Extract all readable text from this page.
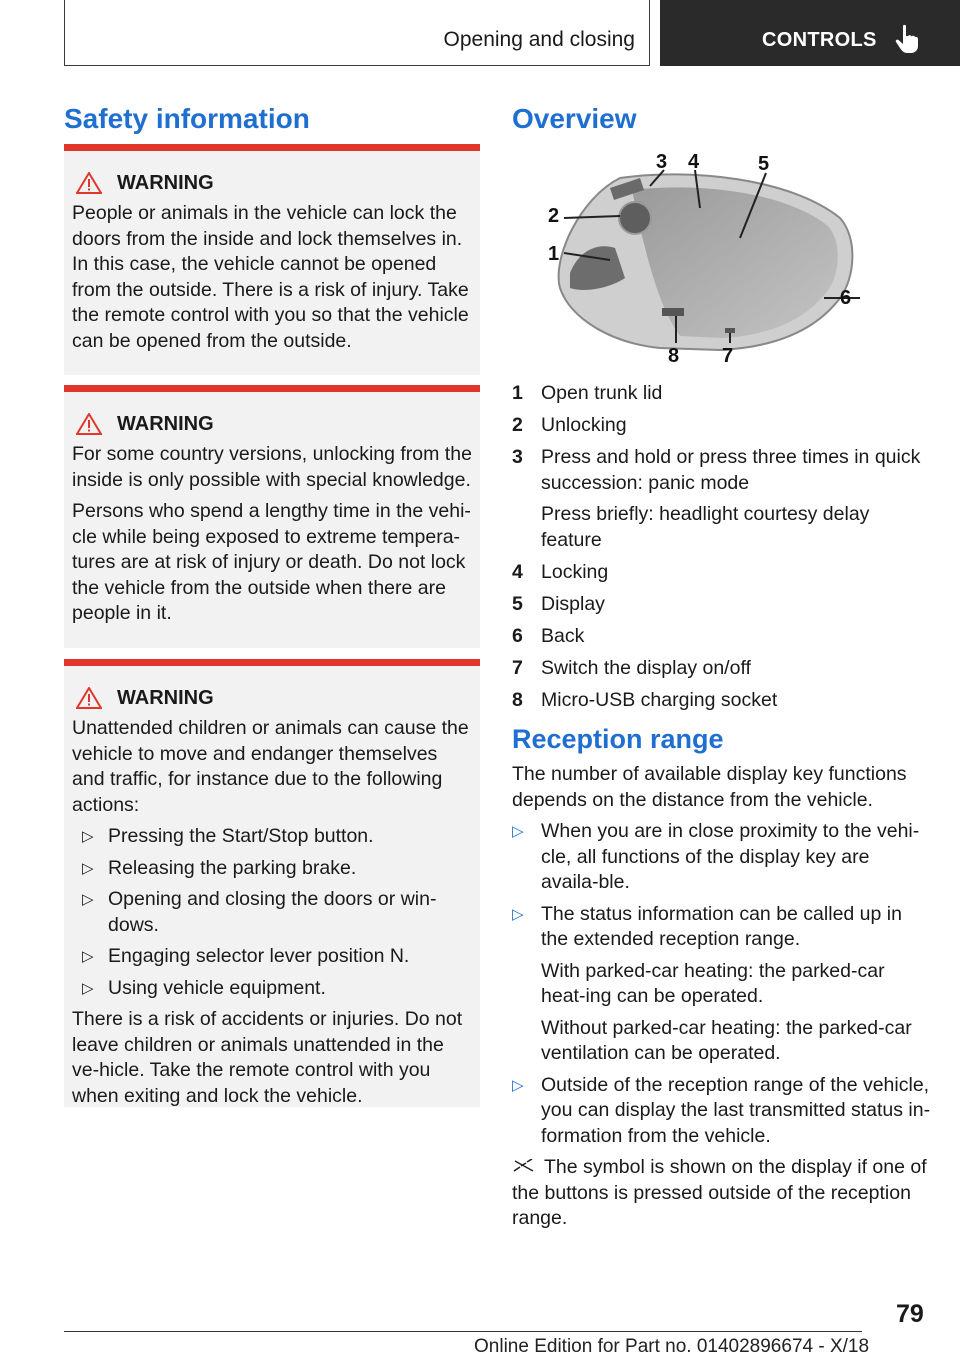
Opening and closing	CONTROLS
Safety information
WARNING

People or animals in the vehicle can lock the doors from the inside and lock themselves in. In this case, the vehicle cannot be opened from the outside. There is a risk of injury. Take the remote control with you so that the vehicle can be opened from the outside.

WARNING

For some country versions, unlocking from the inside is only possible with special knowledge.

Persons who spend a lengthy time in the vehi-cle while being exposed to extreme tempera-tures are at risk of injury or death. Do not lock the vehicle from the outside when there are people in it.

WARNING

Unattended children or animals can cause the vehicle to move and endanger themselves and traffic, for instance due to the following actions:

▷ Pressing the Start/Stop button.
▷ Releasing the parking brake.
▷ Opening and closing the doors or win-dows.
▷ Engaging selector lever position N.
▷ Using vehicle equipment.

There is a risk of accidents or injuries. Do not leave children or animals unattended in the ve-hicle. Take the remote control with you when exiting and lock the vehicle.

Overview
2
1
3 4	5
6
7
8
1 Open trunk lid
2 Unlocking
3 Press and hold or press three times in quick succession: panic mode

Press briefly: headlight courtesy delay feature

4 Locking
5 Display
6 Back
7 Switch the display on/off
8 Micro-USB charging socket
Reception range

The number of available display key functions depends on the distance from the vehicle.

▷ When you are in close proximity to the vehi-cle, all functions of the display key are availa-ble.

▷ The status information can be called up in the extended reception range.

With parked-car heating: the parked-car heat-ing can be operated.

Without parked-car heating: the parked-car ventilation can be operated.

▷ Outside of the reception range of the vehicle, you can display the last transmitted status in-formation from the vehicle.

The symbol is shown on the display if one of the buttons is pressed outside of the reception range.

79
Online Edition for Part no. 01402896674 - X/18
